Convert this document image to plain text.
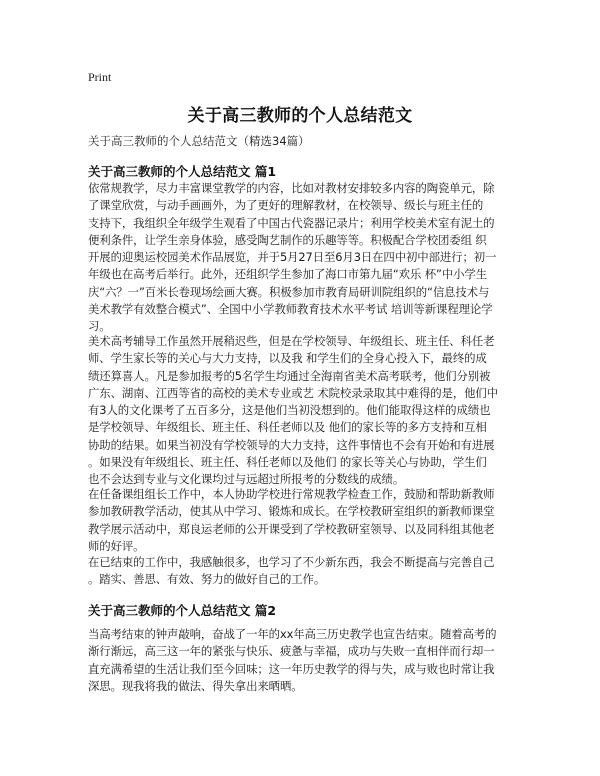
Print
关于高三教师的个人总结范文
关于高三教师的个人总结范文（精选34篇）
关于高三教师的个人总结范文 篇1
依常规教学，尽力丰富课堂教学的内容，比如对教材安排较多内容的陶瓷单元，除
了课堂欣赏，与动手画画外，为了更好的理解教材，在校领导、级长与班主任的
支持下，我组织全年级学生观看了中国古代瓷器记录片；利用学校美术室有泥土的
便利条件，让学生亲身体验，感受陶艺制作的乐趣等等。积极配合学校团委组 织
开展的迎奥运校园美术作品展览，并于5月27日至6月3日在四中初中部进行；初一
年级也在高考后举行。此外，还组织学生参加了海口市第九届“欢乐 杯”中小学生
庆“六？一”百米长卷现场绘画大赛。积极参加市教育局研训院组织的“信息技术与
美术教学有效整合模式”、全国中小学教师教育技术水平考试 培训等新课程理论学
习。
美术高考辅导工作虽然开展稍迟些，但是在学校领导、年级组长、班主任、科任老
师、学生家长等的关心与大力支持，以及我 和学生们的全身心投入下，最终的成
绩还算喜人。凡是参加报考的5名学生均通过全海南省美术高考联考，他们分别被
广东、湖南、江西等省的高校的美术专业或艺 术院校录录取其中难得的是，他们中
有3人的文化课考了五百多分，这是他们当初没想到的。他们能取得这样的成绩也
是学校领导、年级组长、班主任、科任老师以及 他们的家长等的多方支持和互相
协助的结果。如果当初没有学校领导的大力支持，这件事情也不会有开始和有进展
。如果没有年级组长、班主任、科任老师以及他们 的家长等关心与协助，学生们
也不会达到专业与文化课均过与远超过所报考的分数线的成绩。
在任备课组组长工作中，本人协助学校进行常规教学检查工作，鼓励和帮助新教师
参加教研教学活动，使其从中学习、锻炼和成长。在学校教研室组织的新教师课堂
教学展示活动中，郑良运老师的公开课受到了学校教研室领导、以及同科组其他老
师的好评。
在已结束的工作中，我感触很多，也学习了不少新东西，我会不断提高与完善自己
。踏实、善思、有效、努力的做好自己的工作。
关于高三教师的个人总结范文 篇2
当高考结束的钟声敲响，奋战了一年的xx年高三历史教学也宣告结束。随着高考的
渐行渐远，高三这一年的紧张与快乐、疲惫与幸福，成功与失败一直相伴而行却一
直充满希望的生活让我们至今回味；这一年历史教学的得与失，成与败也时常让我
深思。现我将我的做法、得失拿出来晒晒。
